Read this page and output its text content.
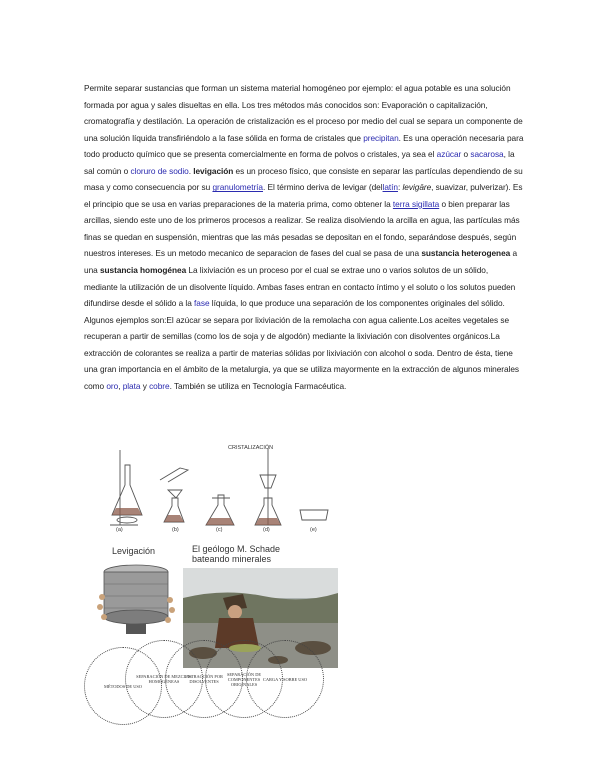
Permite separar sustancias que forman un sistema material homogéneo por ejemplo: el agua potable es una solución formada por agua y sales disueltas en ella. Los tres métodos más conocidos son: Evaporación o capitalización, cromatografía y destilación. La operación de cristalización es el proceso por medio del cual se separa un componente de una solución líquida transfiriéndolo a la fase sólida en forma de cristales que precipitan. Es una operación necesaria para todo producto químico que se presenta comercialmente en forma de polvos o cristales, ya sea el azúcar o sacarosa, la sal común o cloruro de sodio. levigación es un proceso físico, que consiste en separar las partículas dependiendo de su masa y como consecuencia por su granulometría. El término deriva de levigar (dellatín: levigāre, suavizar, pulverizar). Es el principio que se usa en varias preparaciones de la materia prima, como obtener la terra sigillata o bien preparar las arcillas, siendo este uno de los primeros procesos a realizar. Se realiza disolviendo la arcilla en agua, las partículas más finas se quedan en suspensión, mientras que las más pesadas se depositan en el fondo, separándose después, según nuestros intereses. Es un metodo mecanico de separacion de fases del cual se pasa de una sustancia heterogenea a una sustancia homogénea La lixiviación es un proceso por el cual se extrae uno o varios solutos de un sólido, mediante la utilización de un disolvente líquido. Ambas fases entran en contacto íntimo y el soluto o los solutos pueden difundirse desde el sólido a la fase líquida, lo que produce una separación de los componentes originales del sólido. Algunos ejemplos son:El azúcar se separa por lixiviación de la remolacha con agua caliente.Los aceites vegetales se recuperan a partir de semillas (como los de soja y de algodón) mediante la lixiviación con disolventes orgánicos.La extracción de colorantes se realiza a partir de materias sólidas por lixiviación con alcohol o soda. Dentro de ésta, tiene una gran importancia en el ámbito de la metalurgia, ya que se utiliza mayormente en la extracción de algunos minerales como oro, plata y cobre. También se utiliza en Tecnología Farmacéutica.

CRISTALIZACIÓN
(a)	(b)	(c)	(d)	(e)
Levigación	El geólogo M. Schade
bateando minerales
MÉTODOS DE USO
SEPARACIÓN DE MEZCLAS HOMOGÉNEAS
EXTRACCIÓN POR DISOLVENTES
SEPARACIÓN DE COMPONENTES ORIGINALES
CARGA Y SOBRE USO
